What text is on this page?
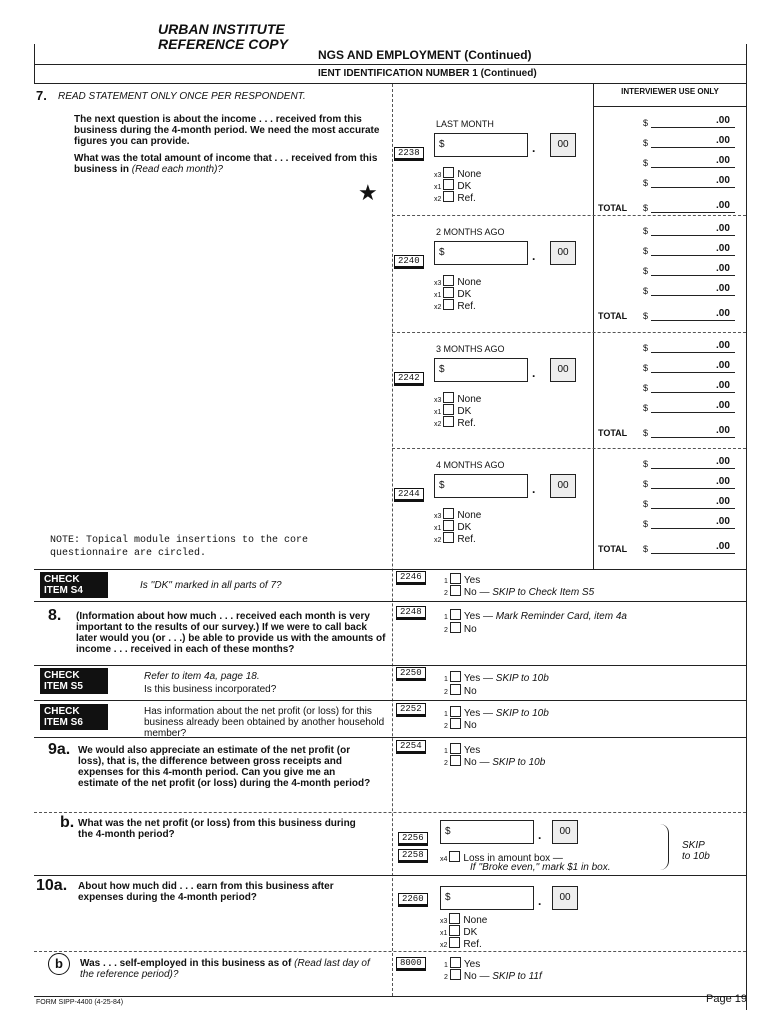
URBAN INSTITUTE
REFERENCE COPY
NGS AND EMPLOYMENT (Continued)
IENT IDENTIFICATION NUMBER 1 (Continued)
INTERVIEWER USE ONLY
7. READ STATEMENT ONLY ONCE PER RESPONDENT.
The next question is about the income . . . received from this business during the 4-month period. We need the most accurate figures you can provide.
What was the total amount of income that . . . received from this business in (Read each month)?
★
NOTE: Topical module insertions to the core questionnaire are circled.
LAST MONTH
2238
$	.	00
x3 None
x1 DK
x2 Ref.
$	.00
$	.00
$	.00
$	.00
TOTAL $	.00
2 MONTHS AGO
2240
$	.	00
x3 None
x1 DK
x2 Ref.
$	.00
$	.00
$	.00
$	.00
TOTAL $	.00
3 MONTHS AGO
2242
$	.	00
x3 None
x1 DK
x2 Ref.
$	.00
$	.00
$	.00
$	.00
TOTAL $	.00
4 MONTHS AGO
2244
$	.	00
x3 None
x1 DK
x2 Ref.
$	.00
$	.00
$	.00
$	.00
TOTAL $	.00
CHECK ITEM S4	Is ''DK'' marked in all parts of 7?
2246	1 Yes
2 No — SKIP to Check Item S5
8. (Information about how much . . . received each month is very important to the results of our survey.) If we were to call back later would you (or . . .) be able to provide us with the amounts of income . . . received in each of these months?
2248
1 Yes — Mark Reminder Card, item 4a
2 No
CHECK ITEM S5
Refer to item 4a, page 18.
Is this business incorporated?
2250
1 Yes — SKIP to 10b
2 No
CHECK ITEM S6
Has information about the net profit (or loss) for this business already been obtained by another household member?
2252
1 Yes — SKIP to 10b
2 No
9a. We would also appreciate an estimate of the net profit (or loss), that is, the difference between gross receipts and expenses for this 4-month period. Can you give me an estimate of the net profit (or loss) during the 4-month period?
2254
1 Yes
2 No — SKIP to 10b
b. What was the net profit (or loss) from this business during the 4-month period?	2256
$	.	00
2258	x4 Loss in amount box —
If ''Broke even,'' mark $1 in box.
SKIP
to 10b
10a. About how much did . . . earn from this business after expenses during the 4-month period?	2260	$	.	00
x3 None
x1 DK
x2 Ref.
b	Was . . . self-employed in this business as of (Read last day of the reference period)?
8000	1 Yes
2 No — SKIP to 11f
FORM SIPP-4400 (4-25-84)	Page 19
